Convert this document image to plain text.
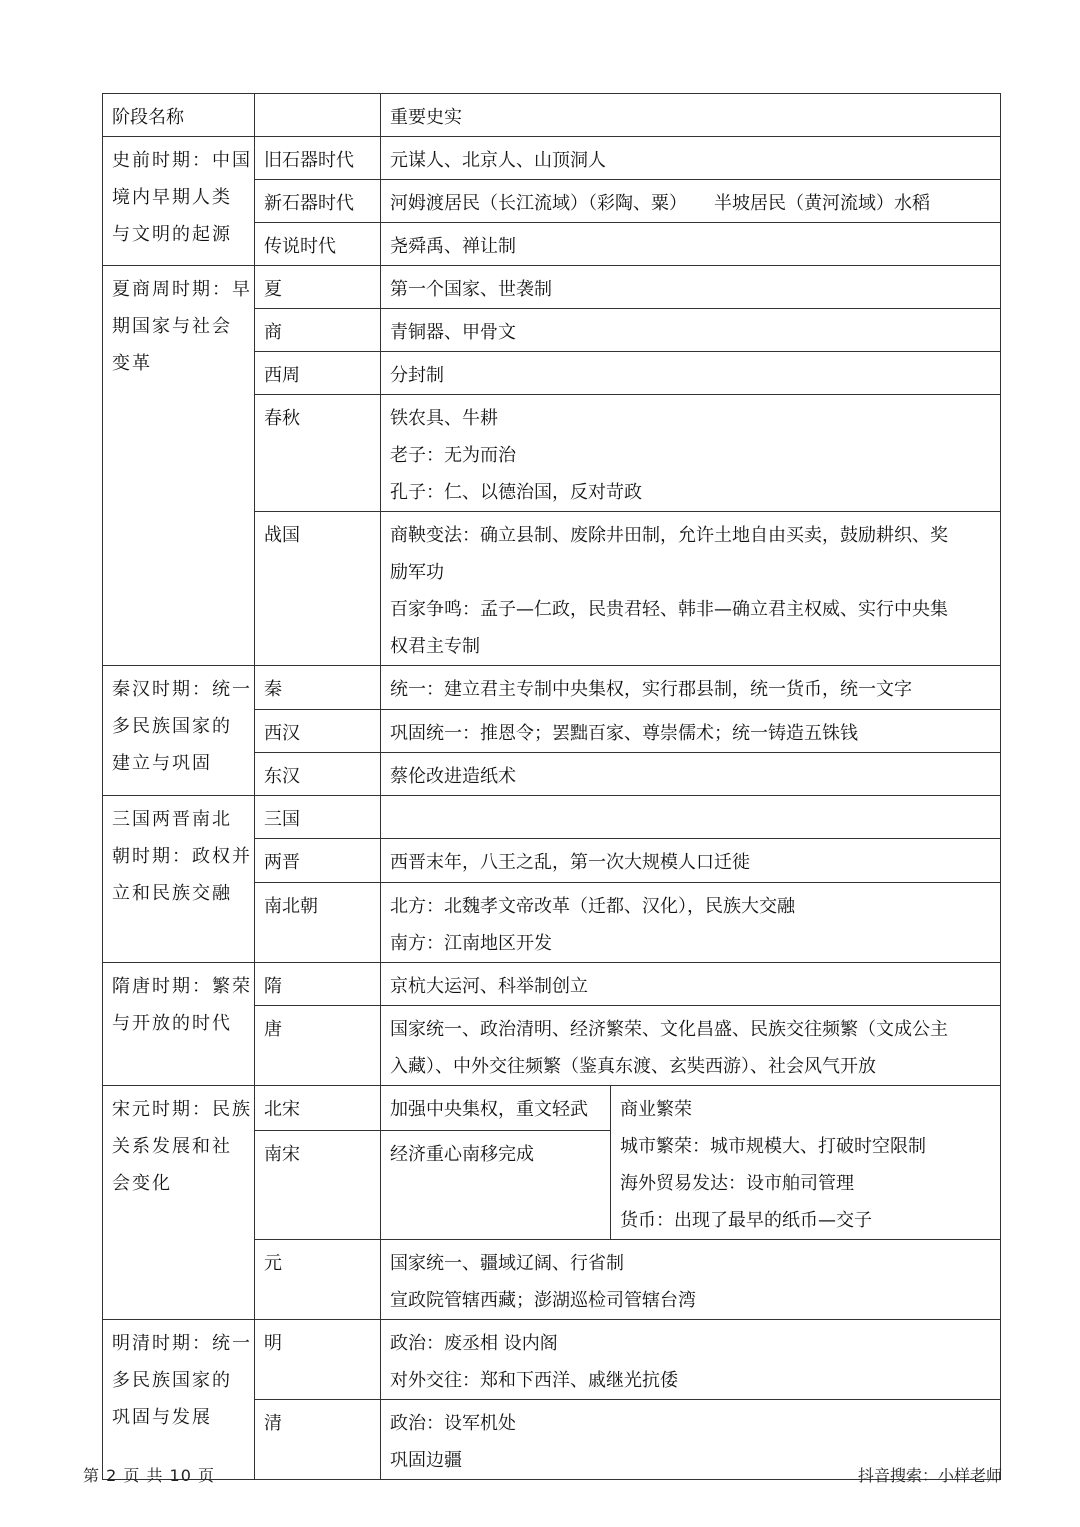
阶段名称		重要史实	

史前时期：中国
境内早期人类
与文明的起源	旧石器时代	元谋人、北京人、山顶洞人	

	新石器时代	河姆渡居民（长江流域）（彩陶、粟）　　半坡居民（黄河流域）水稻	

	传说时代	尧舜禹、禅让制	

夏商周时期：早
期国家与社会
变革	夏	第一个国家、世袭制	

	商	青铜器、甲骨文	

	西周	分封制	

	春秋	铁农具、牛耕
老子：无为而治
孔子：仁、以德治国，反对苛政	

	战国	商鞅变法：确立县制、废除井田制，允许土地自由买卖，鼓励耕织、奖
励军功
百家争鸣：孟子—仁政，民贵君轻、韩非—确立君主权威、实行中央集
权君主专制	

秦汉时期：统一
多民族国家的
建立与巩固	秦	统一：建立君主专制中央集权，实行郡县制，统一货币，统一文字	

	西汉	巩固统一：推恩令；罢黜百家、尊崇儒术；统一铸造五铢钱	

	东汉	蔡伦改进造纸术	

三国两晋南北
朝时期：政权并
立和民族交融	三国		
	两晋	西晋末年，八王之乱，第一次大规模人口迁徙	

	南北朝	北方：北魏孝文帝改革（迁都、汉化），民族大交融
南方：江南地区开发	

隋唐时期：繁荣
与开放的时代	隋	京杭大运河、科举制创立	

	唐	国家统一、政治清明、经济繁荣、文化昌盛、民族交往频繁（文成公主
入藏）、中外交往频繁（鉴真东渡、玄奘西游）、社会风气开放	

宋元时期：民族
关系发展和社
会变化	北宋	加强中央集权，重文轻武	商业繁荣
城市繁荣：城市规模大、打破时空限制
海外贸易发达：设市舶司管理
货币：出现了最早的纸币—交子

	南宋	经济重心南移完成	

	元	国家统一、疆域辽阔、行省制
宣政院管辖西藏；澎湖巡检司管辖台湾	

明清时期：统一
多民族国家的
巩固与发展	明	政治：废丞相 设内阁
对外交往：郑和下西洋、戚继光抗倭	

	清	政治：设军机处
巩固边疆	
第 2 页 共 10 页	抖音搜索：小样老师
